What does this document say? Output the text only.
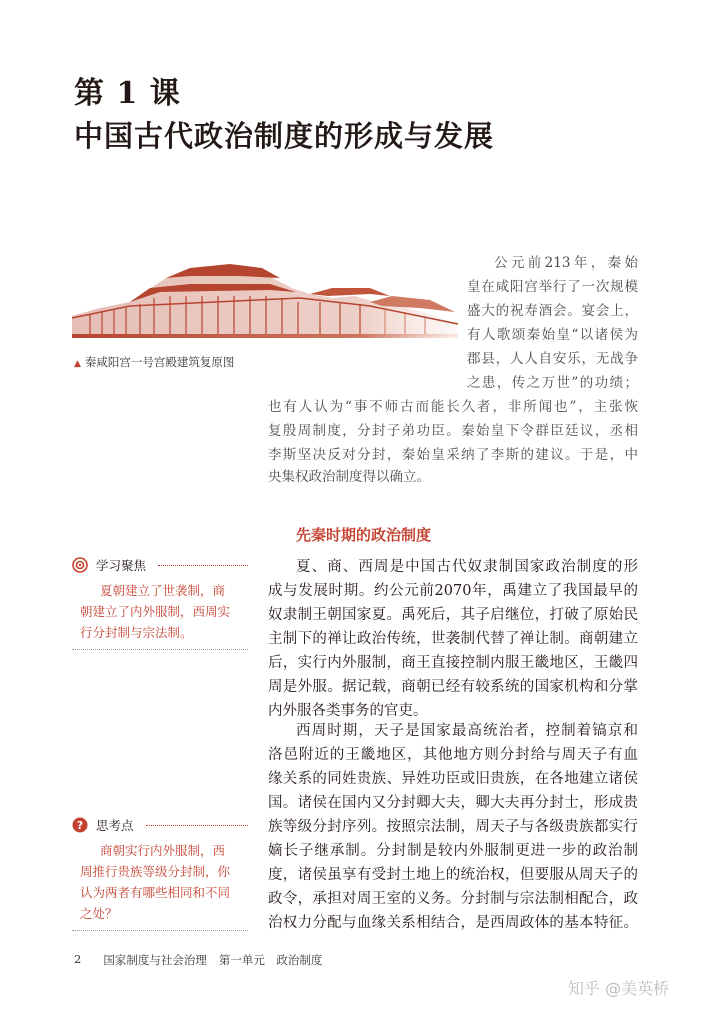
第 1 课
中国古代政治制度的形成与发展
▲ 秦咸阳宫一号宫殿建筑复原图
公元前213年，秦始
皇在咸阳宫举行了一次规模
盛大的祝寿酒会。宴会上，
有人歌颂秦始皇“以诸侯为
郡县，人人自安乐，无战争
之患，传之万世”的功绩；
也有人认为“事不师古而能长久者，非所闻也”，主张恢
复殷周制度，分封子弟功臣。秦始皇下令群臣廷议，丞相
李斯坚决反对分封，秦始皇采纳了李斯的建议。于是，中
央集权政治制度得以确立。
先秦时期的政治制度
夏、商、西周是中国古代奴隶制国家政治制度的形
成与发展时期。约公元前2070年，禹建立了我国最早的
奴隶制王朝国家夏。禹死后，其子启继位，打破了原始民
主制下的禅让政治传统，世袭制代替了禅让制。商朝建立
后，实行内外服制，商王直接控制内服王畿地区，王畿四
周是外服。据记载，商朝已经有较系统的国家机构和分掌
内外服各类事务的官吏。
西周时期，天子是国家最高统治者，控制着镐京和
洛邑附近的王畿地区，其他地方则分封给与周天子有血
缘关系的同姓贵族、异姓功臣或旧贵族，在各地建立诸侯
国。诸侯在国内又分封卿大夫，卿大夫再分封士，形成贵
族等级分封序列。按照宗法制，周天子与各级贵族都实行
嫡长子继承制。分封制是较内外服制更进一步的政治制
度，诸侯虽享有受封土地上的统治权，但要服从周天子的
政令，承担对周王室的义务。分封制与宗法制相配合，政
治权力分配与血缘关系相结合，是西周政体的基本特征。
学习聚焦
夏朝建立了世袭制，商
朝建立了内外服制，西周实
行分封制与宗法制。
? 思考点
商朝实行内外服制，西
周推行贵族等级分封制，你
认为两者有哪些相同和不同
之处？
2 国家制度与社会治理 第一单元　政治制度
知乎 @美英桥
